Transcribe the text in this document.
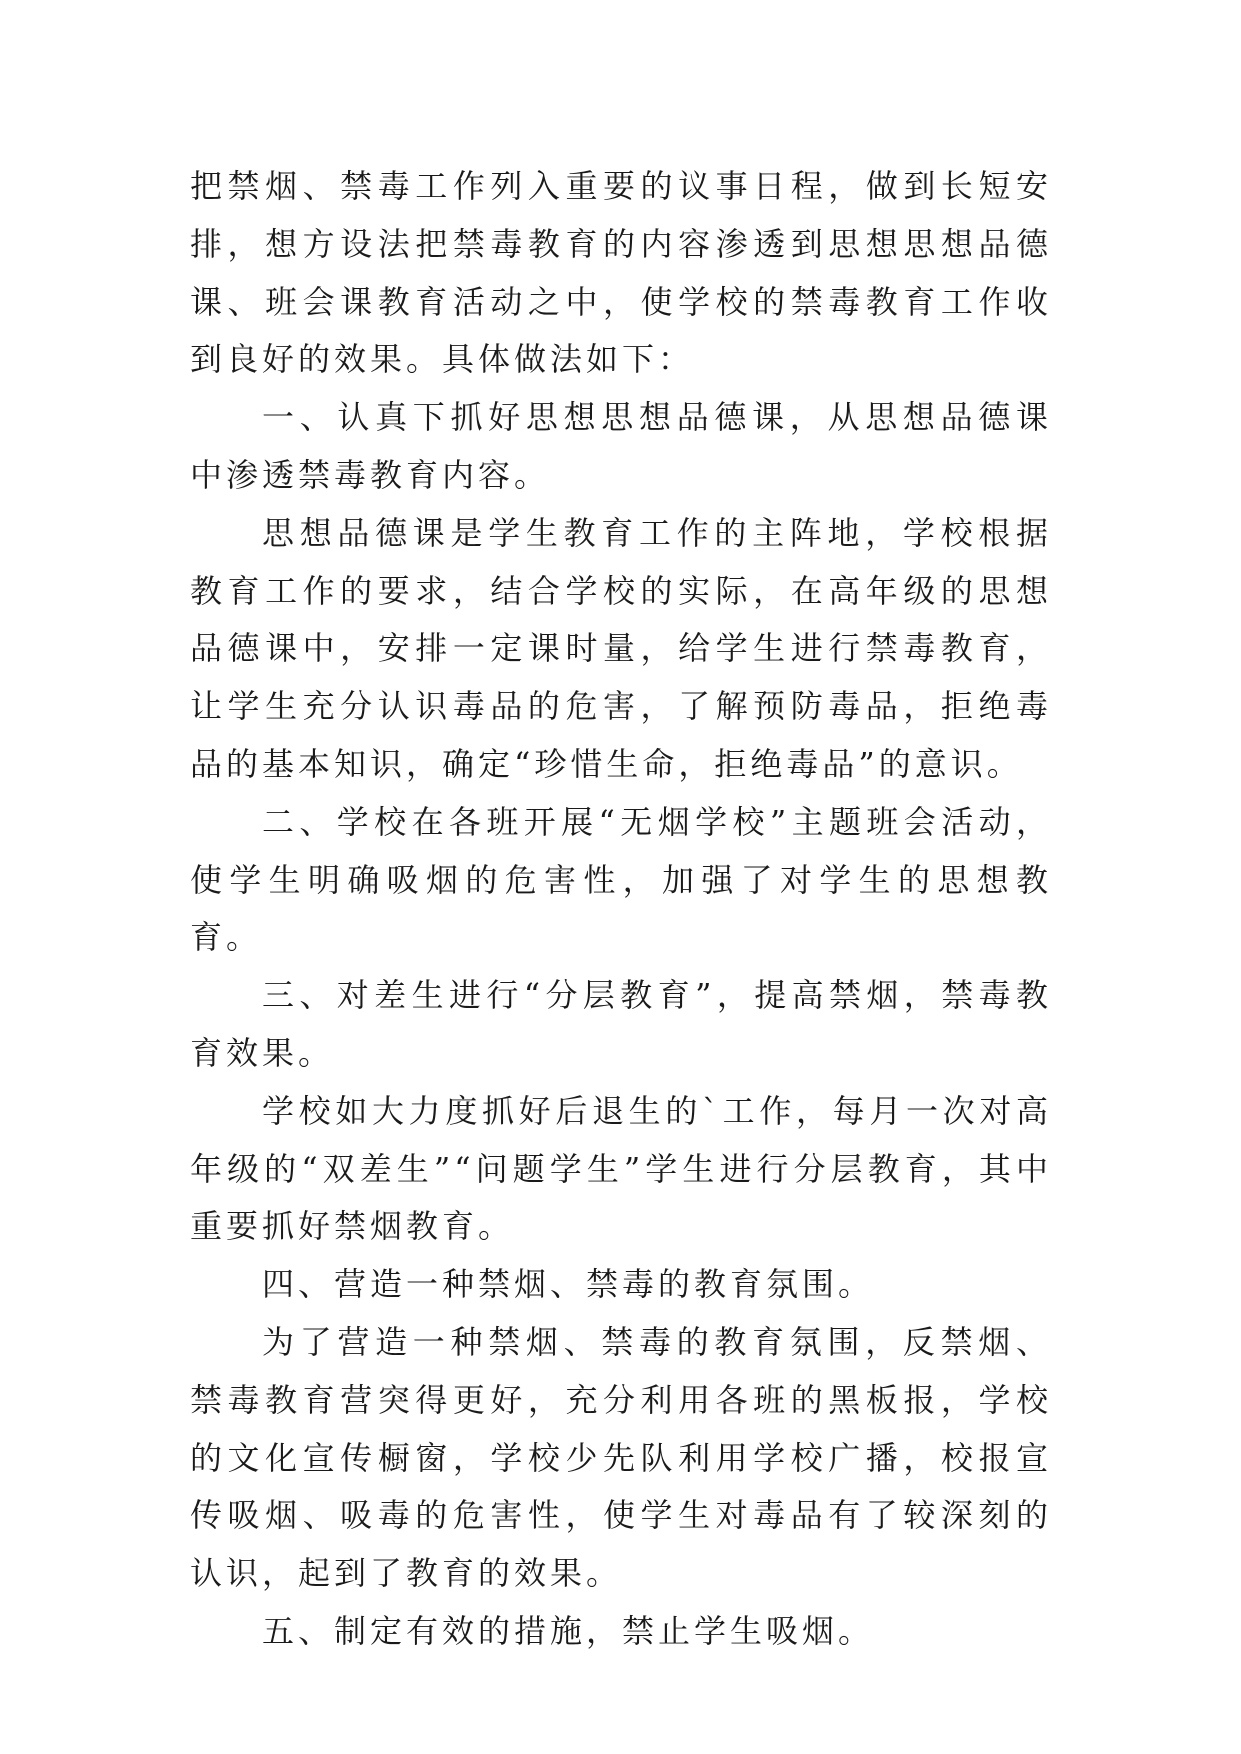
把禁烟、禁毒工作列入重要的议事日程，做到长短安排，想方设法把禁毒教育的内容渗透到思想思想品德课、班会课教育活动之中，使学校的禁毒教育工作收到良好的效果。具体做法如下：

一、认真下抓好思想思想品德课，从思想品德课中渗透禁毒教育内容。

思想品德课是学生教育工作的主阵地，学校根据教育工作的要求，结合学校的实际，在高年级的思想品德课中，安排一定课时量，给学生进行禁毒教育，让学生充分认识毒品的危害，了解预防毒品，拒绝毒品的基本知识，确定“珍惜生命，拒绝毒品”的意识。

二、学校在各班开展“无烟学校”主题班会活动，使学生明确吸烟的危害性，加强了对学生的思想教育。

三、对差生进行“分层教育”，提高禁烟，禁毒教育效果。

学校如大力度抓好后退生的`工作，每月一次对高年级的“双差生”“问题学生”学生进行分层教育，其中重要抓好禁烟教育。

四、营造一种禁烟、禁毒的教育氛围。

为了营造一种禁烟、禁毒的教育氛围，反禁烟、禁毒教育营突得更好，充分利用各班的黑板报，学校的文化宣传橱窗，学校少先队利用学校广播，校报宣传吸烟、吸毒的危害性，使学生对毒品有了较深刻的认识，起到了教育的效果。

五、制定有效的措施，禁止学生吸烟。
